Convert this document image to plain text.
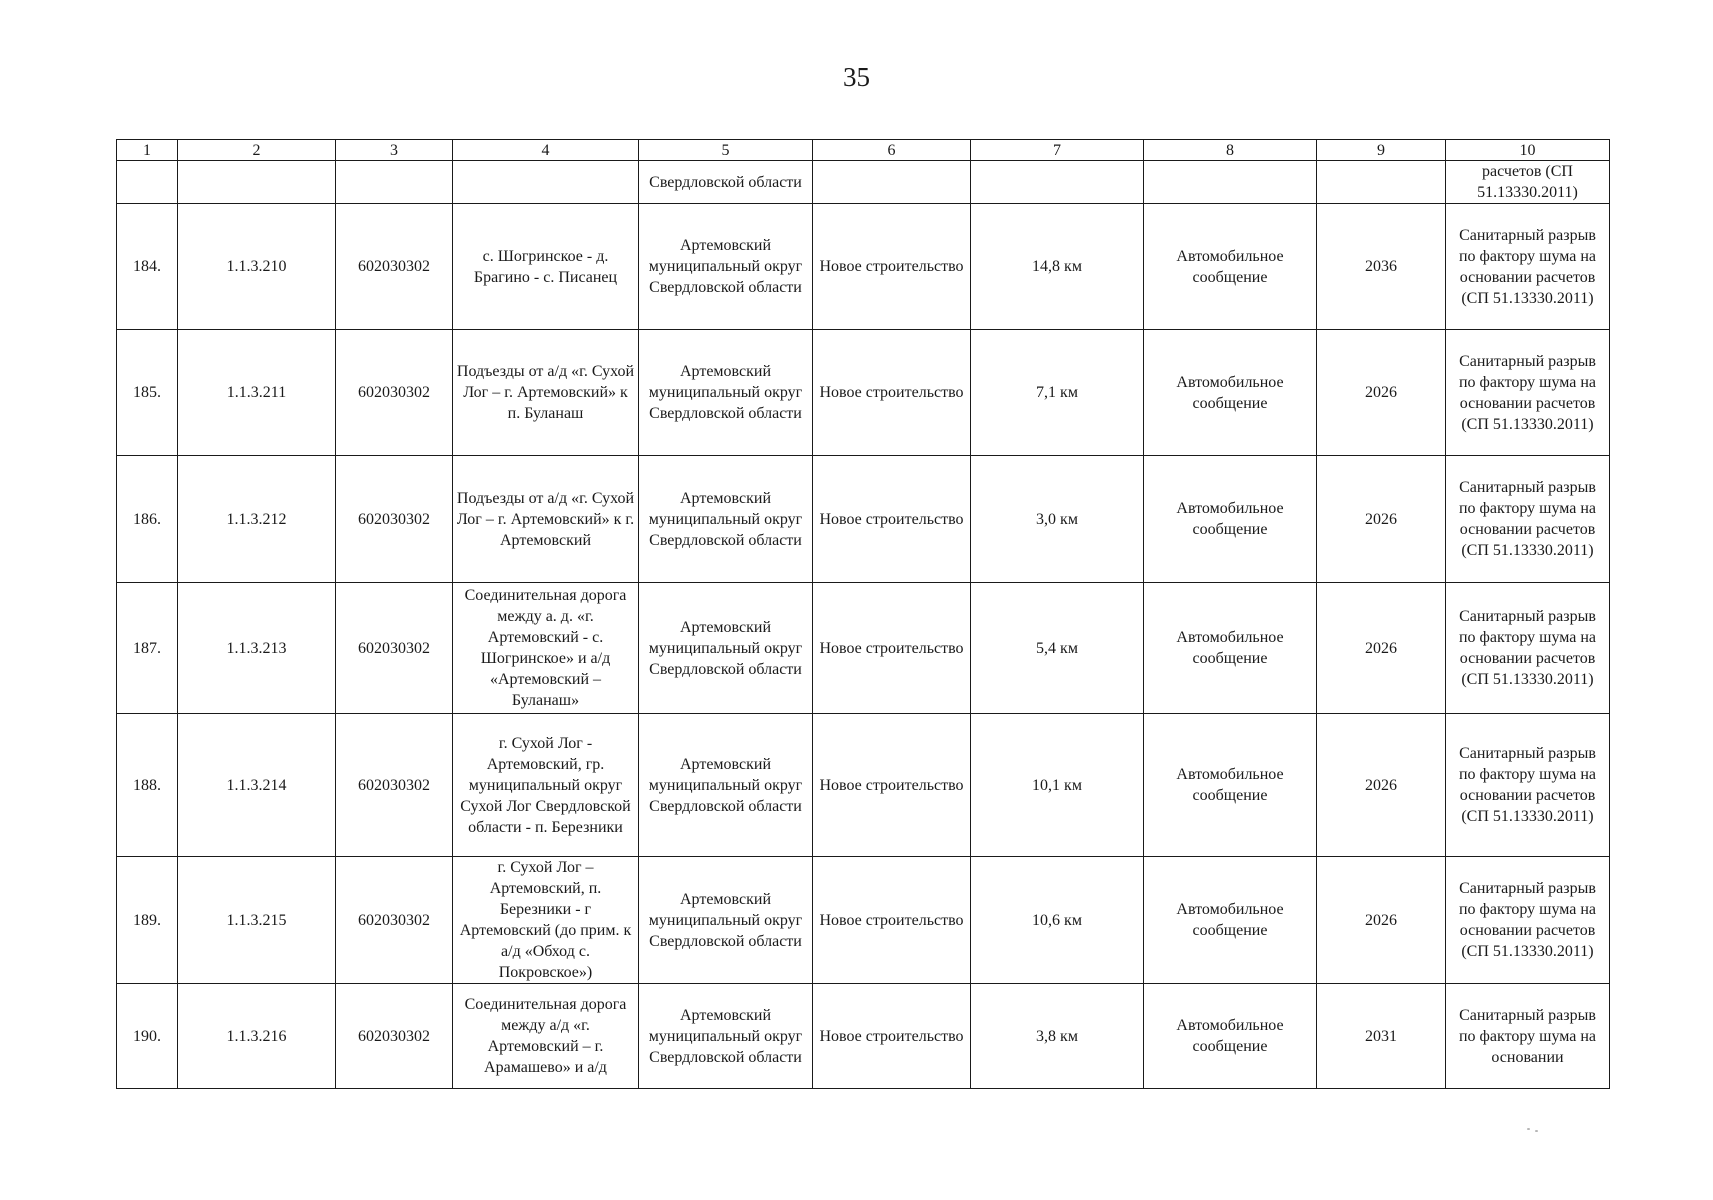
35
1	2	3	4	5	6	7	8	9	10
				Свердловской области					расчетов (СП 51.13330.2011)
184.	1.1.3.210	602030302	с. Шогринское - д. Брагино - с. Писанец	Артемовский муниципальный округ Свердловской области	Новое строительство	14,8 км	Автомобильное сообщение	2036	Санитарный разрыв по фактору шума на основании расчетов (СП 51.13330.2011)
185.	1.1.3.211	602030302	Подъезды от а/д «г. Сухой Лог – г. Артемовский» к п. Буланаш	Артемовский муниципальный округ Свердловской области	Новое строительство	7,1 км	Автомобильное сообщение	2026	Санитарный разрыв по фактору шума на основании расчетов (СП 51.13330.2011)
186.	1.1.3.212	602030302	Подъезды от а/д «г. Сухой Лог – г. Артемовский» к г. Артемовский	Артемовский муниципальный округ Свердловской области	Новое строительство	3,0 км	Автомобильное сообщение	2026	Санитарный разрыв по фактору шума на основании расчетов (СП 51.13330.2011)
187.	1.1.3.213	602030302	Соединительная дорога между а. д. «г. Артемовский - с. Шогринское» и а/д «Артемовский – Буланаш»	Артемовский муниципальный округ Свердловской области	Новое строительство	5,4 км	Автомобильное сообщение	2026	Санитарный разрыв по фактору шума на основании расчетов (СП 51.13330.2011)
188.	1.1.3.214	602030302	г. Сухой Лог - Артемовский, гр. муниципальный округ Сухой Лог Свердловской области - п. Березники	Артемовский муниципальный округ Свердловской области	Новое строительство	10,1 км	Автомобильное сообщение	2026	Санитарный разрыв по фактору шума на основании расчетов (СП 51.13330.2011)
189.	1.1.3.215	602030302	г. Сухой Лог – Артемовский, п. Березники - г Артемовский (до прим. к а/д «Обход с. Покровское»)	Артемовский муниципальный округ Свердловской области	Новое строительство	10,6 км	Автомобильное сообщение	2026	Санитарный разрыв по фактору шума на основании расчетов (СП 51.13330.2011)
190.	1.1.3.216	602030302	Соединительная дорога между а/д «г. Артемовский – г. Арамашево» и а/д	Артемовский муниципальный округ Свердловской области	Новое строительство	3,8 км	Автомобильное сообщение	2031	Санитарный разрыв по фактору шума на основании
